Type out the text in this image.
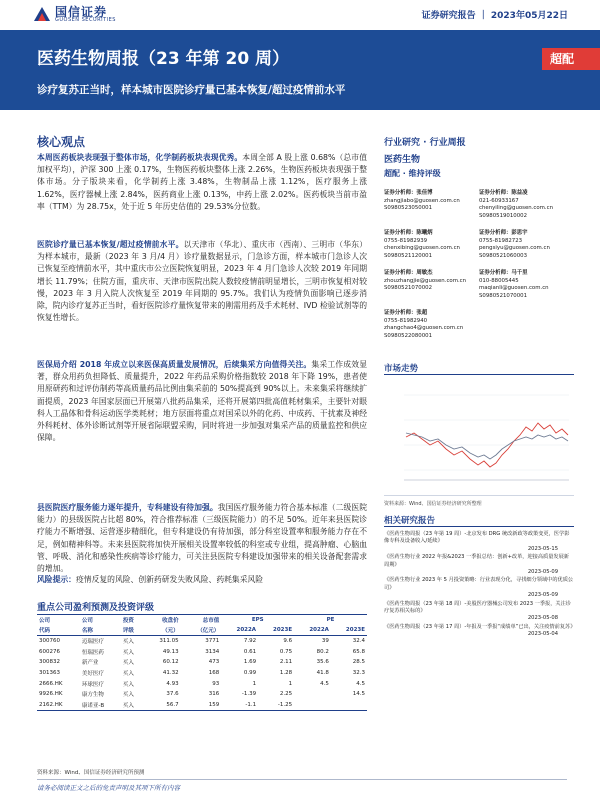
国信证券
GUOSEN SECURITIES	证券研究报告 ｜ 2023年05月22日
医药生物周报（23 年第 20 周）
诊疗复苏正当时，样本城市医院诊疗量已基本恢复/超过疫情前水平
超配
核心观点
本周医药板块表现强于整体市场，化学制药板块表现优秀。本周全部 A 股上涨 0.68%（总市值加权平均），沪深 300 上涨 0.17%，生物医药板块整体上涨 2.26%，生物医药板块表现强于整体市场。分子版块来看，化学制药上涨 3.48%，生物制品上涨 1.12%，医疗服务上涨 1.62%，医疗器械上涨 2.84%，医药商业上涨 0.13%，中药上涨 2.02%。医药板块当前市盈率（TTM）为 28.75x，处于近 5 年历史估值的 29.53%分位数。
医院诊疗量已基本恢复/超过疫情前水平。以天津市（华北）、重庆市（西南）、三明市（华东）为样本城市，最新（2023 年 3 月/4 月）诊疗量数据显示，门急诊方面，样本城市门急诊人次已恢复至疫情前水平，其中重庆市公立医院恢复明显，2023 年 4 月门急诊人次较 2019 年同期增长 11.79%；住院方面，重庆市、天津市医院出院人数较疫情前明显增长，三明市恢复相对较慢，2023 年 3 月入院人次恢复至 2019 年同期的 95.7%。我们认为疫情负面影响已逐步消除，院内诊疗复苏正当时，看好医院诊疗量恢复带来的刚需用药及手术耗材、IVD 检验试剂等的恢复性增长。
医保局介绍 2018 年成立以来医保高质量发展情况，后续集采方向值得关注。集采工作成效显著，群众用药负担降低、质量提升，2022 年药品采购价格指数较 2018 年下降 19%，患者使用原研药和过评仿制药等高质量药品比例由集采前的 50%提高到 90%以上。未来集采将继续扩面提质，2023 年国家层面已开展第八批药品集采，还将开展第四批高值耗材集采，主要针对眼科人工晶体和骨科运动医学类耗材；地方层面将重点对国采以外的化药、中成药、干扰素及神经外科耗材、体外诊断试剂等开展省际联盟采购，同时将进一步加强对集采产品的质量监控和供应保障。
县医院医疗服务能力逐年提升，专科建设有待加强。我国医疗服务能力符合基本标准（二级医院能力）的县级医院占比超 80%，符合推荐标准（三级医院能力）的不足 50%。近年来县医院诊疗能力不断增强、运营逐步精细化，但专科建设仍有待加强，部分科室设置率和服务能力存在不足，例如精神科等。未来县医院将加快开展相关设置率较低的科室或专业组，提高肿瘤、心脑血管、呼吸、消化和感染性疾病等诊疗能力，可关注县医院专科建设加强带来的相关设备配套需求的增加。
风险提示：疫情反复的风险、创新药研发失败风险、药耗集采风险
重点公司盈利预测及投资评级
公司	公司	投资	收盘价	总市值	EPS		PE	
代码	名称	评级	（元）	（亿元）	2022A	2023E	2022A	2023E
300760	迈瑞医疗	买入	311.05	3771	7.92	9.6	39	32.4
600276	恒瑞医药	买入	49.13	3134	0.61	0.75	80.2	65.8
300832	新产业	买入	60.12	473	1.69	2.11	35.6	28.5
301363	美好医疗	买入	41.32	168	0.99	1.28	41.8	32.3
2666.HK	环球医疗	买入	4.93	93	1	1	4.5	4.5
9926.HK	康方生物	买入	37.6	316	-1.39	2.25		14.5
2162.HK	康诺亚-B	买入	56.7	159	-1.1	-1.25		
资料来源：Wind、国信证券经济研究所预测
行业研究 · 行业周报
医药生物
超配 · 维持评级
证券分析师：张佳博
zhangjiabo@guosen.com.cn
S0980523050001
证券分析师：陈益凌
021-60933167
chenyiling@guosen.com.cn
S0980519010002
证券分析师：陈曦炳
0755-81982939
chenxibing@guosen.com.cn
S0980521120001
证券分析师：彭思宇
0755-81982723
pengsiyu@guosen.com.cn
S0980521060003
证券分析师：周敏杰
zhouzhangjie@guosen.com.cn
S0980521070002
证券分析师：马千里
010-88005445
maqianli@guosen.com.cn
S0980521070001
证券分析师：张超
0755-81982940
zhangchao4@guosen.com.cn
S0980522080001
市场走势
资料来源：Wind、国信证券经济研究所整理
相关研究报告
《医药生物周报（23 年第 19 周）-北京发布 DRG 统改新政等政策变更，医学影像专科及设备收入/延续》
2023-05-15
《医药生物行业 2022 年报&2023 一季报总结：创新+改革，迎接高质量发展新周期》
2023-05-09
《医药生物行业 2023 年 5 月投资策略：行业表现分化，寻找细分领域中的优质公司》
2023-05-09
《医药生物周报（23 年第 18 周）-美股医疗器械公司发布 2023 一季报，关注诊疗复苏相关标的》
2023-05-08
《医药生物周报（23 年第 17 周）-年报及一季报“成绩单”已出，关注疫情前复苏》
2023-05-04
请务必阅读正文之后的免责声明及其项下所有内容
